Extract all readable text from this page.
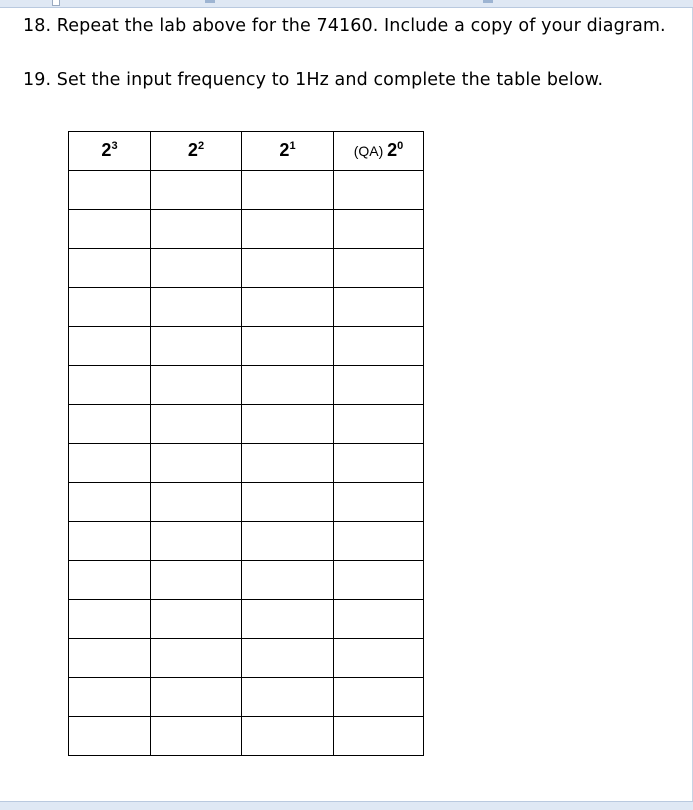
18. Repeat the lab above for the 74160. Include a copy of your diagram.
19. Set the input frequency to 1Hz and complete the table below.
$2^3$	$2^2$	$2^1$	(QA) $2^0$
